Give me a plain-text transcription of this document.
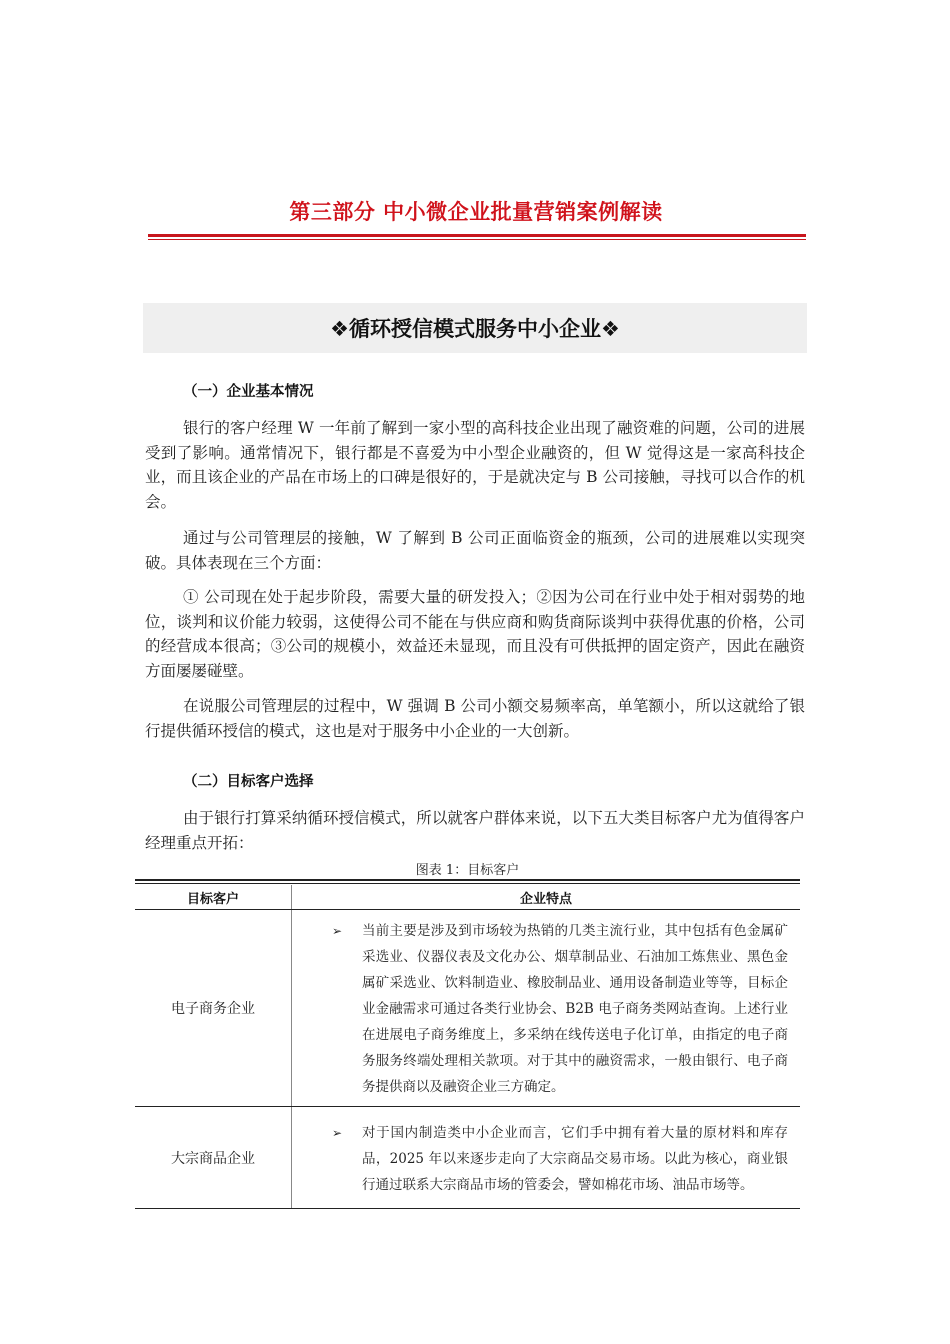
第三部分 中小微企业批量营销案例解读
❖循环授信模式服务中小企业❖
（一）企业基本情况
银行的客户经理 W 一年前了解到一家小型的高科技企业出现了融资难的问题，公司的进展受到了影响。通常情况下，银行都是不喜爱为中小型企业融资的，但 W 觉得这是一家高科技企业，而且该企业的产品在市场上的口碑是很好的，于是就决定与 B 公司接触，寻找可以合作的机会。
通过与公司管理层的接触，W 了解到 B 公司正面临资金的瓶颈，公司的进展难以实现突破。具体表现在三个方面：
① 公司现在处于起步阶段，需要大量的研发投入；②因为公司在行业中处于相对弱势的地位，谈判和议价能力较弱，这使得公司不能在与供应商和购货商际谈判中获得优惠的价格，公司的经营成本很高；③公司的规模小，效益还未显现，而且没有可供抵押的固定资产，因此在融资方面屡屡碰壁。
在说服公司管理层的过程中，W 强调 B 公司小额交易频率高，单笔额小，所以这就给了银行提供循环授信的模式，这也是对于服务中小企业的一大创新。
（二）目标客户选择
由于银行打算采纳循环授信模式，所以就客户群体来说，以下五大类目标客户尤为值得客户经理重点开拓：
图表 1：目标客户
目标客户	企业特点
电子商务企业	➢ 当前主要是涉及到市场较为热销的几类主流行业，其中包括有色金属矿采选业、仪器仪表及文化办公、烟草制品业、石油加工炼焦业、黑色金属矿采选业、饮料制造业、橡胶制品业、通用设备制造业等等，目标企业金融需求可通过各类行业协会、B2B 电子商务类网站查询。上述行业在进展电子商务维度上，多采纳在线传送电子化订单，由指定的电子商务服务终端处理相关款项。对于其中的融资需求，一般由银行、电子商务提供商以及融资企业三方确定。

大宗商品企业	➢ 对于国内制造类中小企业而言，它们手中拥有着大量的原材料和库存品，2025 年以来逐步走向了大宗商品交易市场。以此为核心，商业银行通过联系大宗商品市场的管委会，譬如棉花市场、油品市场等。
